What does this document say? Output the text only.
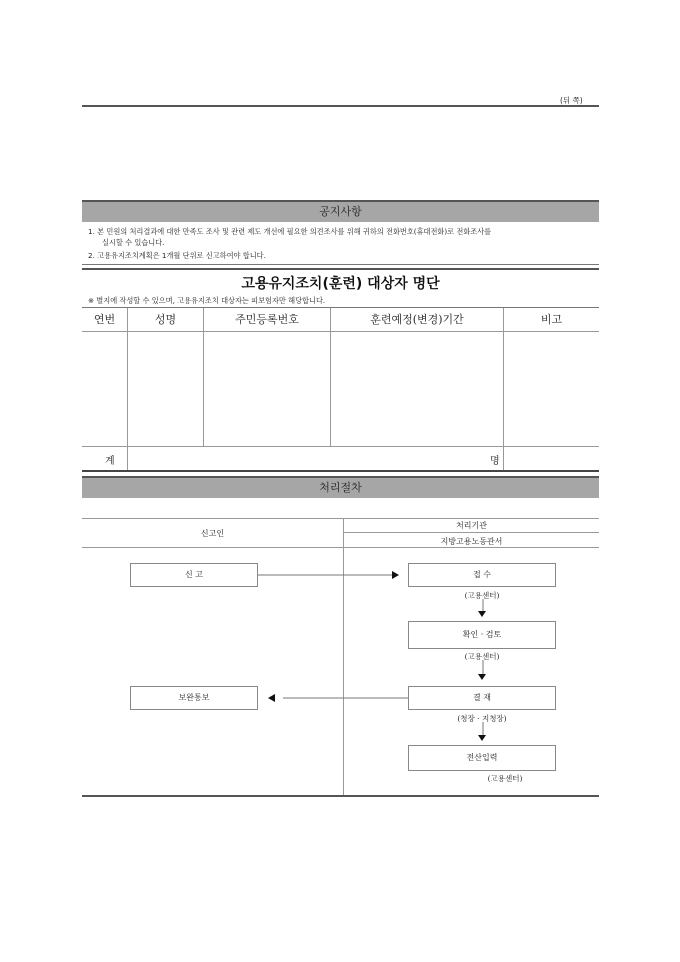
(뒤 쪽)
공지사항
1. 본 민원의 처리결과에 대한 만족도 조사 및 관련 제도 개선에 필요한 의견조사를 위해 귀하의 전화번호(휴대전화)로 전화조사를
실시할 수 있습니다.
2. 고용유지조치계획은 1개월 단위로 신고하여야 합니다.
고용유지조치(훈련) 대상자 명단
※ 별지에 작성할 수 있으며, 고용유지조치 대상자는 피보험자만 해당합니다.
연번	성명	주민등록번호	훈련예정(변경)기간	비고
계	명
처리절차
신고인
처리기관
지방고용노동관서
신 고
보완통보
접 수
(고용센터)
확인 · 검토
(고용센터)
결 재
(청장 · 지청장)
전산입력
(고용센터)
